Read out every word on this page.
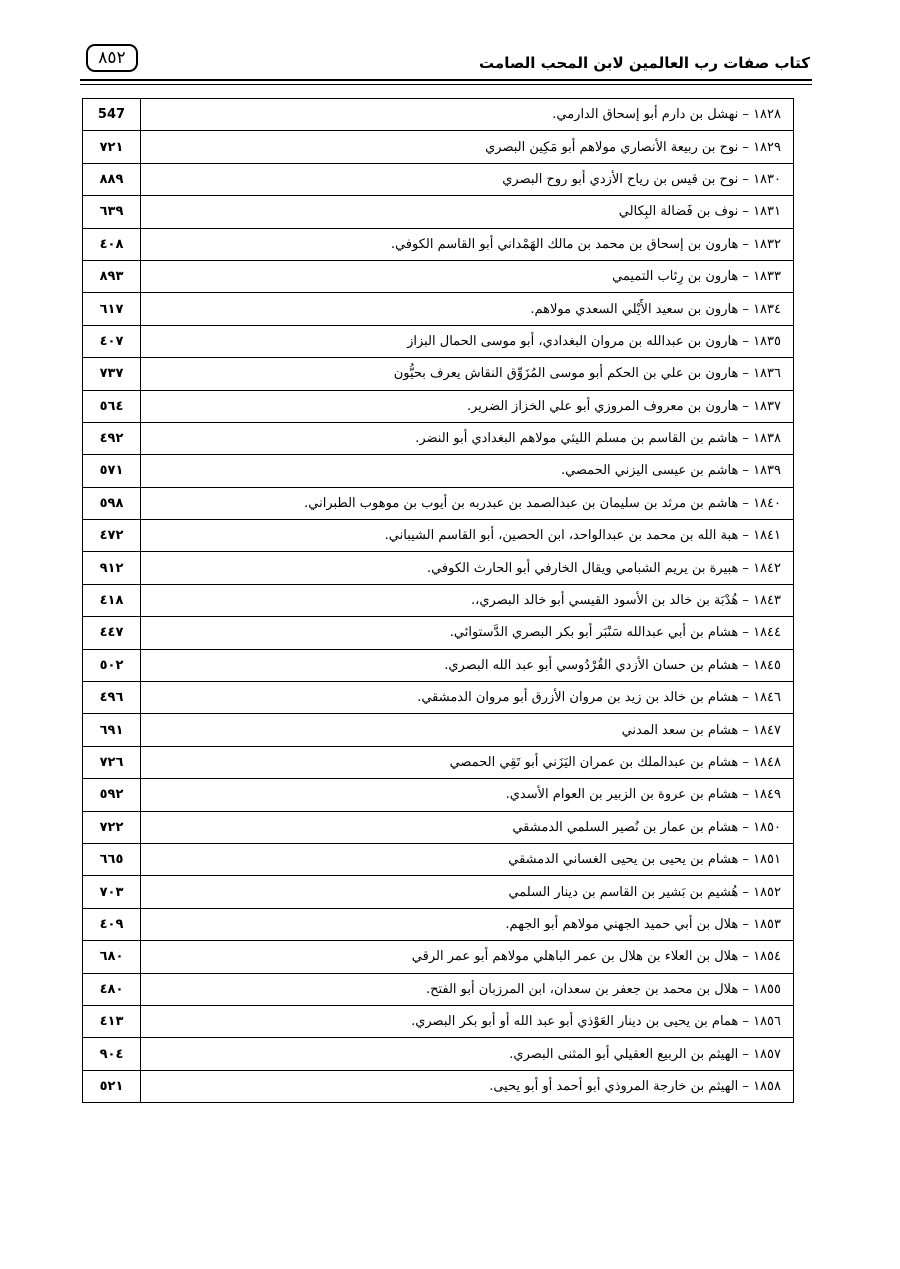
٨٥٢	كتاب صفات رب العالمين لابن المحب الصامت
547	١٨٢٨ – نهشل بن دارم أبو إسحاق الدارمي.
٧٢١	١٨٢٩ – نوح بن ربيعة الأنصاري مولاهم أبو مَكِين البصري
٨٨٩	١٨٣٠ – نوح بن قيس بن رياح الأزدي أبو روح البصري
٦٣٩	١٨٣١ – نوف بن فَضالة البِكالي
٤٠٨	١٨٣٢ – هارون بن إسحاق بن محمد بن مالك الهَمْداني أبو القاسم الكوفي.
٨٩٣	١٨٣٣ – هارون بن رِئاب التميمي
٦١٧	١٨٣٤ – هارون بن سعيد الأَيْلي السعدي مولاهم.
٤٠٧	١٨٣٥ – هارون بن عبدالله بن مروان البغدادي، أبو موسى الحمال البزاز
٧٣٧	١٨٣٦ – هارون بن علي بن الحكم أبو موسى المُزَوِّق النقاش يعرف بحيُّون
٥٦٤	١٨٣٧ – هارون بن معروف المروزي أبو علي الخزاز الضرير.
٤٩٢	١٨٣٨ – هاشم بن القاسم بن مسلم الليثي مولاهم البغدادي أبو النضر.
٥٧١	١٨٣٩ – هاشم بن عيسى اليزني الحمصي.
٥٩٨	١٨٤٠ – هاشم بن مرثد بن سليمان بن عبدالصمد بن عبدربه بن أيوب بن موهوب الطبراني.
٤٧٢	١٨٤١ – هبة الله بن محمد بن عبدالواحد، ابن الحصين، أبو القاسم الشيباني.
٩١٢	١٨٤٢ – هبيرة بن يريم الشبامي ويقال الخارفي أبو الحارث الكوفي.
٤١٨	١٨٤٣ – هُدْبَة بن خالد بن الأسود القيسي أبو خالد البصري،.
٤٤٧	١٨٤٤ – هشام بن أبي عبدالله سَنْبَر أبو بكر البصري الدَّستوائي.
٥٠٢	١٨٤٥ – هشام بن حسان الأزدي القُرْدُوسي أبو عبد الله البصري.
٤٩٦	١٨٤٦ – هشام بن خالد بن زيد بن مروان الأزرق أبو مروان الدمشقي.
٦٩١	١٨٤٧ – هشام بن سعد المدني
٧٢٦	١٨٤٨ – هشام بن عبدالملك بن عمران اليَزَني أبو تَقِي الحمصي
٥٩٢	١٨٤٩ – هشام بن عروة بن الزبير بن العوام الأسدي.
٧٢٢	١٨٥٠ – هشام بن عمار بن نُصير السلمي الدمشقي
٦٦٥	١٨٥١ – هشام بن يحيى بن يحيى الغساني الدمشقي
٧٠٣	١٨٥٢ – هُشيم بن بَشير بن القاسم بن دينار السلمي
٤٠٩	١٨٥٣ – هلال بن أبي حميد الجهني مولاهم أبو الجهم.
٦٨٠	١٨٥٤ – هلال بن العلاء بن هلال بن عمر الباهلي مولاهم أبو عمر الرقي
٤٨٠	١٨٥٥ – هلال بن محمد بن جعفر بن سعدان، ابن المرزبان أبو الفتح.
٤١٣	١٨٥٦ – همام بن يحيى بن دينار العَوْذي أبو عبد الله أو أبو بكر البصري.
٩٠٤	١٨٥٧ – الهيثم بن الربيع العقيلي أبو المثنى البصري.
٥٢١	١٨٥٨ – الهيثم بن خارجة المروذي أبو أحمد أو أبو يحيى.
